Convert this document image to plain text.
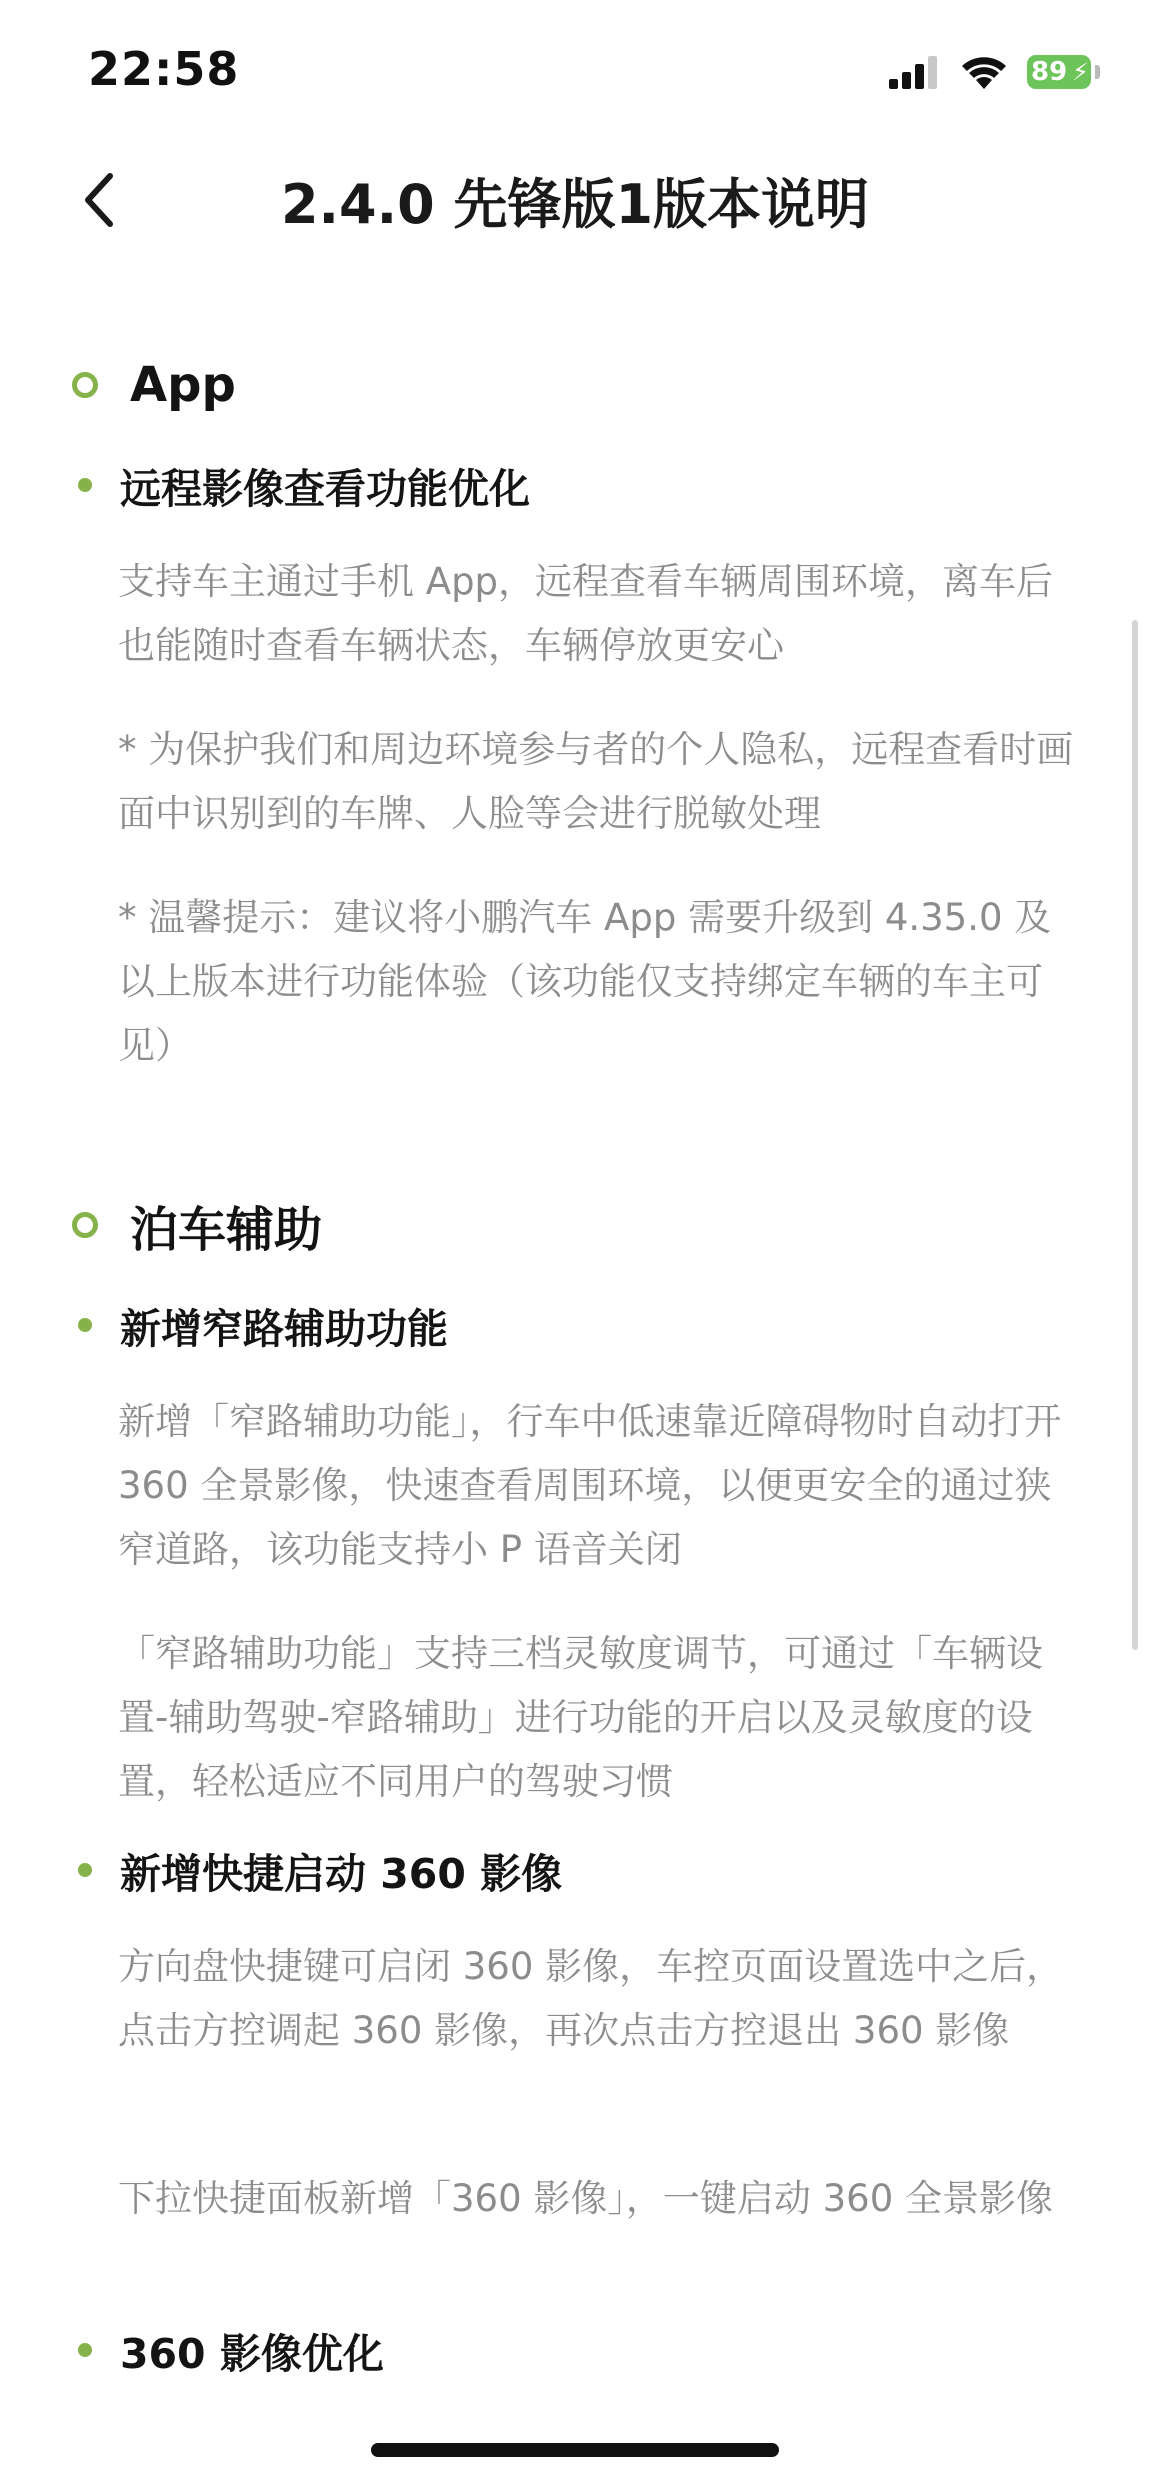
22:58	89 ⚡
2.4.0 先锋版1版本说明
App
远程影像查看功能优化
支持车主通过手机 App，远程查看车辆周围环境，离车后也能随时查看车辆状态，车辆停放更安心
* 为保护我们和周边环境参与者的个人隐私，远程查看时画面中识别到的车牌、人脸等会进行脱敏处理
* 温馨提示：建议将小鹏汽车 App 需要升级到 4.35.0 及以上版本进行功能体验（该功能仅支持绑定车辆的车主可见）
泊车辅助
新增窄路辅助功能
新增「窄路辅助功能」，行车中低速靠近障碍物时自动打开 360 全景影像，快速查看周围环境，以便更安全的通过狭窄道路，该功能支持小 P 语音关闭
「窄路辅助功能」支持三档灵敏度调节，可通过「车辆设置-辅助驾驶-窄路辅助」进行功能的开启以及灵敏度的设置，轻松适应不同用户的驾驶习惯
新增快捷启动 360 影像
方向盘快捷键可启闭 360 影像，车控页面设置选中之后，点击方控调起 360 影像，再次点击方控退出 360 影像
下拉快捷面板新增「360 影像」，一键启动 360 全景影像
360 影像优化
